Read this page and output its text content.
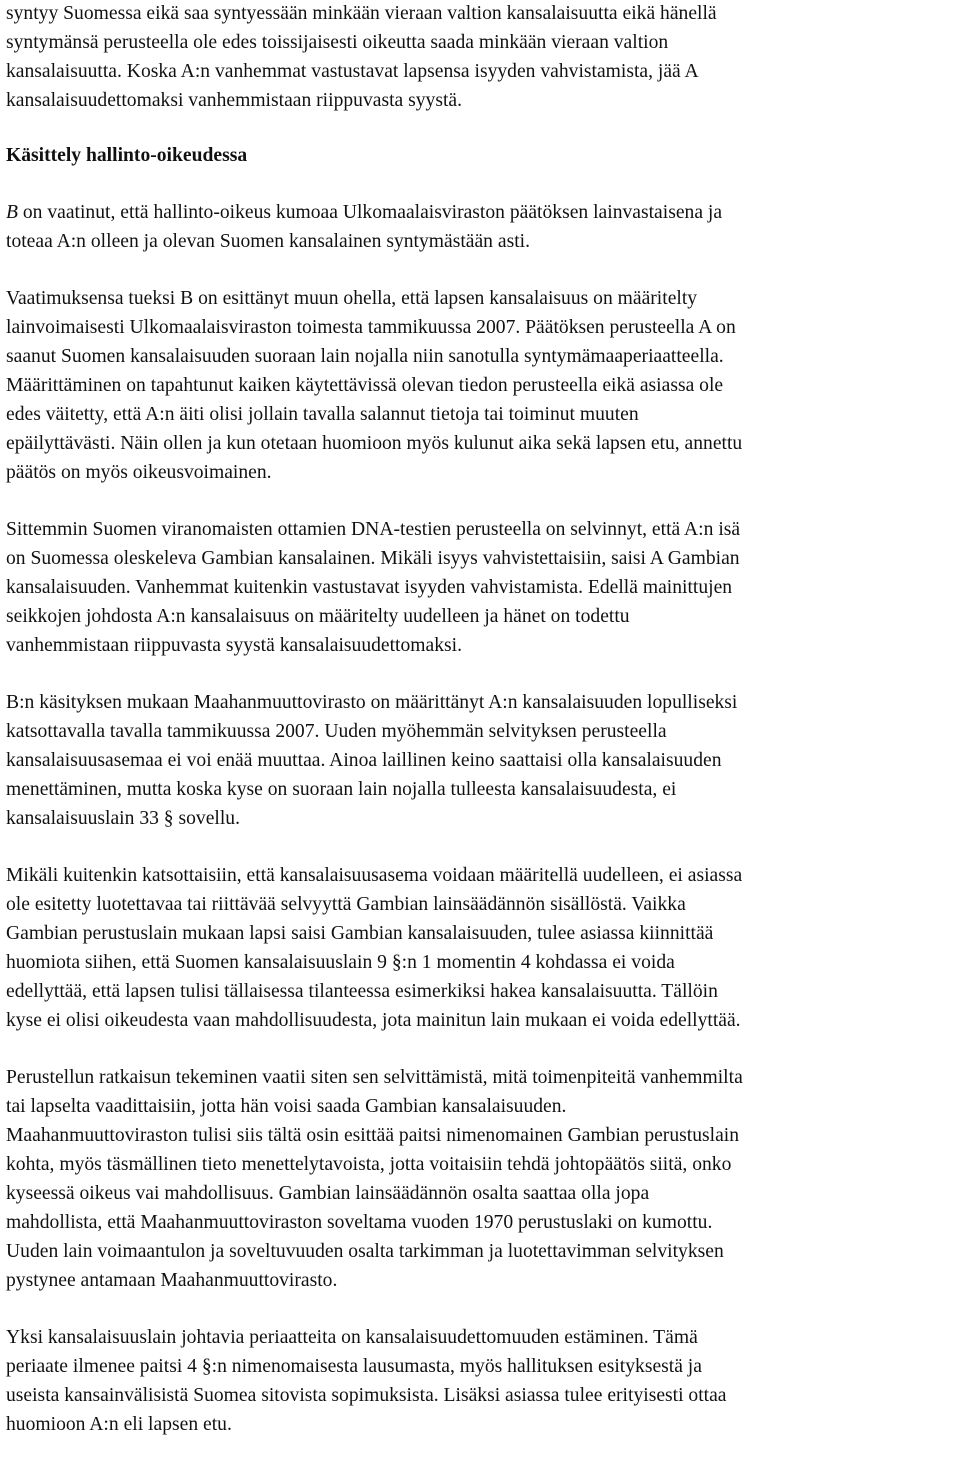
syntyy Suomessa eikä saa syntyessään minkään vieraan valtion kansalaisuutta eikä hänellä
syntymänsä perusteella ole edes toissijaisesti oikeutta saada minkään vieraan valtion
kansalaisuutta. Koska A:n vanhemmat vastustavat lapsensa isyyden vahvistamista, jää A
kansalaisuudettomaksi vanhemmistaan riippuvasta syystä.
Käsittely hallinto-oikeudessa
B on vaatinut, että hallinto-oikeus kumoaa Ulkomaalaisviraston päätöksen lainvastaisena ja
toteaa A:n olleen ja olevan Suomen kansalainen syntymästään asti.
Vaatimuksensa tueksi B on esittänyt muun ohella, että lapsen kansalaisuus on määritelty
lainvoimaisesti Ulkomaalaisviraston toimesta tammikuussa 2007. Päätöksen perusteella A on
saanut Suomen kansalaisuuden suoraan lain nojalla niin sanotulla syntymämaaperiaatteella.
Määrittäminen on tapahtunut kaiken käytettävissä olevan tiedon perusteella eikä asiassa ole
edes väitetty, että A:n äiti olisi jollain tavalla salannut tietoja tai toiminut muuten
epäilyttävästi. Näin ollen ja kun otetaan huomioon myös kulunut aika sekä lapsen etu, annettu
päätös on myös oikeusvoimainen.
Sittemmin Suomen viranomaisten ottamien DNA-testien perusteella on selvinnyt, että A:n isä
on Suomessa oleskeleva Gambian kansalainen. Mikäli isyys vahvistettaisiin, saisi A Gambian
kansalaisuuden. Vanhemmat kuitenkin vastustavat isyyden vahvistamista. Edellä mainittujen
seikkojen johdosta A:n kansalaisuus on määritelty uudelleen ja hänet on todettu
vanhemmistaan riippuvasta syystä kansalaisuudettomaksi.
B:n käsityksen mukaan Maahanmuuttovirasto on määrittänyt A:n kansalaisuuden lopulliseksi
katsottavalla tavalla tammikuussa 2007. Uuden myöhemmän selvityksen perusteella
kansalaisuusasemaa ei voi enää muuttaa. Ainoa laillinen keino saattaisi olla kansalaisuuden
menettäminen, mutta koska kyse on suoraan lain nojalla tulleesta kansalaisuudesta, ei
kansalaisuuslain 33 § sovellu.
Mikäli kuitenkin katsottaisiin, että kansalaisuusasema voidaan määritellä uudelleen, ei asiassa
ole esitetty luotettavaa tai riittävää selvyyttä Gambian lainsäädännön sisällöstä. Vaikka
Gambian perustuslain mukaan lapsi saisi Gambian kansalaisuuden, tulee asiassa kiinnittää
huomiota siihen, että Suomen kansalaisuuslain 9 §:n 1 momentin 4 kohdassa ei voida
edellyttää, että lapsen tulisi tällaisessa tilanteessa esimerkiksi hakea kansalaisuutta. Tällöin
kyse ei olisi oikeudesta vaan mahdollisuudesta, jota mainitun lain mukaan ei voida edellyttää.
Perustellun ratkaisun tekeminen vaatii siten sen selvittämistä, mitä toimenpiteitä vanhemmilta
tai lapselta vaadittaisiin, jotta hän voisi saada Gambian kansalaisuuden.
Maahanmuuttoviraston tulisi siis tältä osin esittää paitsi nimenomainen Gambian perustuslain
kohta, myös täsmällinen tieto menettelytavoista, jotta voitaisiin tehdä johtopäätös siitä, onko
kyseessä oikeus vai mahdollisuus. Gambian lainsäädännön osalta saattaa olla jopa
mahdollista, että Maahanmuuttoviraston soveltama vuoden 1970 perustuslaki on kumottu.
Uuden lain voimaantulon ja soveltuvuuden osalta tarkimman ja luotettavimman selvityksen
pystynee antamaan Maahanmuuttovirasto.
Yksi kansalaisuuslain johtavia periaatteita on kansalaisuudettomuuden estäminen. Tämä
periaate ilmenee paitsi 4 §:n nimenomaisesta lausumasta, myös hallituksen esityksestä ja
useista kansainvälisistä Suomea sitovista sopimuksista. Lisäksi asiassa tulee erityisesti ottaa
huomioon A:n eli lapsen etu.
